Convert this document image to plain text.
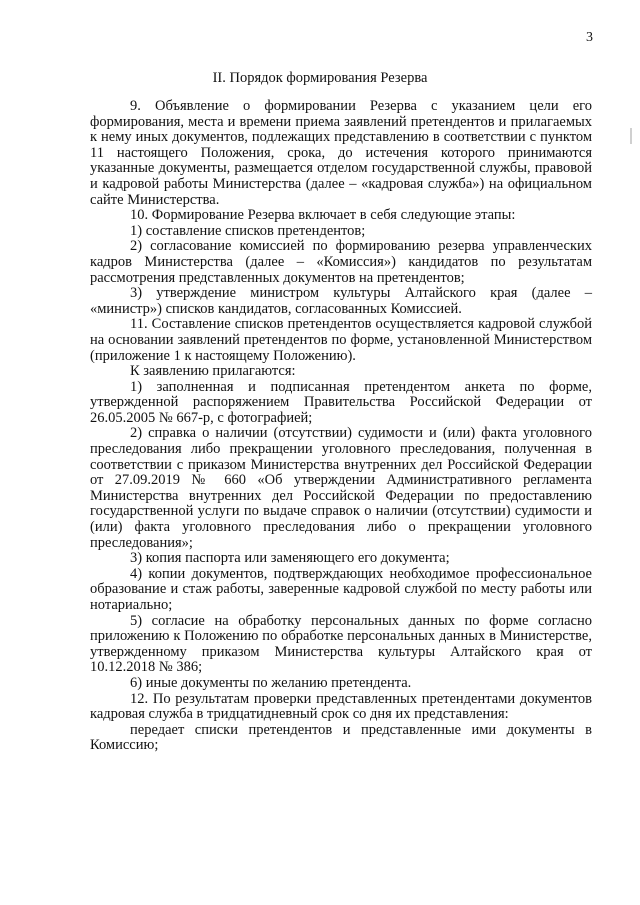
3
II. Порядок формирования Резерва

9. Объявление о формировании Резерва с указанием цели его формирования, места и времени приема заявлений претендентов и прилагаемых к нему иных документов, подлежащих представлению в соответствии с пунктом 11 настоящего Положения, срока, до истечения которого принимаются указанные документы, размещается отделом государственной службы, правовой и кадровой работы Министерства (далее – «кадровая служба») на официальном сайте Министерства.

10. Формирование Резерва включает в себя следующие этапы:

1) составление списков претендентов;

2) согласование комиссией по формированию резерва управленческих кадров Министерства (далее – «Комиссия») кандидатов по результатам рассмотрения представленных документов на претендентов;

3) утверждение министром культуры Алтайского края (далее – «министр») списков кандидатов, согласованных Комиссией.

11. Составление списков претендентов осуществляется кадровой службой на основании заявлений претендентов по форме, установленной Министерством (приложение 1 к настоящему Положению).

К заявлению прилагаются:

1) заполненная и подписанная претендентом анкета по форме, утвержденной распоряжением Правительства Российской Федерации от 26.05.2005 № 667-р, с фотографией;

2) справка о наличии (отсутствии) судимости и (или) факта уголовного преследования либо прекращении уголовного преследования, полученная в соответствии с приказом Министерства внутренних дел Российской Федерации от 27.09.2019 № 660 «Об утверждении Административного регламента Министерства внутренних дел Российской Федерации по предоставлению государственной услуги по выдаче справок о наличии (отсутствии) судимости и (или) факта уголовного преследования либо о прекращении уголовного преследования»;

3) копия паспорта или заменяющего его документа;

4) копии документов, подтверждающих необходимое профессиональное образование и стаж работы, заверенные кадровой службой по месту работы или нотариально;

5) согласие на обработку персональных данных по форме согласно приложению к Положению по обработке персональных данных в Министерстве, утвержденному приказом Министерства культуры Алтайского края от 10.12.2018 № 386;

6) иные документы по желанию претендента.

12. По результатам проверки представленных претендентами документов кадровая служба в тридцатидневный срок со дня их представления:

передает списки претендентов и представленные ими документы в Комиссию;
